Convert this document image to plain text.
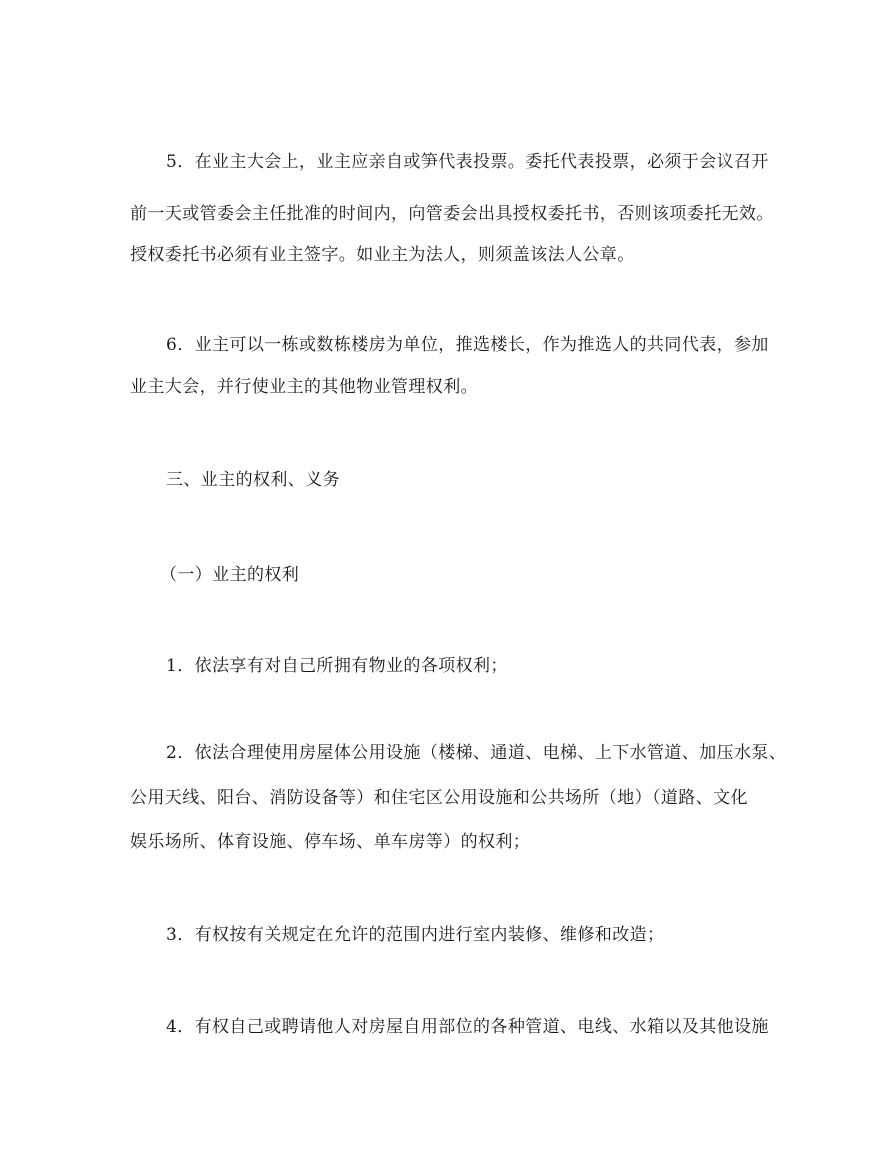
5．在业主大会上，业主应亲自或笋代表投票。委托代表投票，必须于会议召开
前一天或管委会主任批准的时间内，向管委会出具授权委托书，否则该项委托无效。
授权委托书必须有业主签字。如业主为法人，则须盖该法人公章。
6．业主可以一栋或数栋楼房为单位，推选楼长，作为推选人的共同代表，参加
业主大会，并行使业主的其他物业管理权利。
三、业主的权利、义务
（一）业主的权利
1．依法享有对自己所拥有物业的各项权利；
2．依法合理使用房屋体公用设施（楼梯、通道、电梯、上下水管道、加压水泵、
公用天线、阳台、消防设备等）和住宅区公用设施和公共场所（地）（道路、文化
娱乐场所、体育设施、停车场、单车房等）的权利；
3．有权按有关规定在允许的范围内进行室内装修、维修和改造；
4．有权自己或聘请他人对房屋自用部位的各种管道、电线、水箱以及其他设施
